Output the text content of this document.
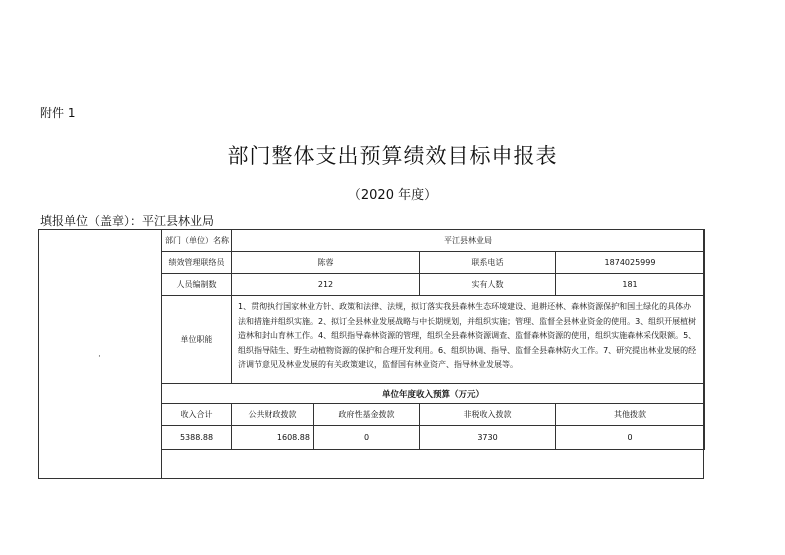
附件 1
部门整体支出预算绩效目标申报表
（2020 年度）
填报单位（盖章）：平江县林业局
·
部门（单位）名称	平江县林业局			
绩效管理联络员	陈蓉		联系电话	1874025999
人员编制数	212		实有人数	181
单位职能	1、贯彻执行国家林业方针、政策和法律、法规，拟订落实我县森林生态环境建设、退耕还林、森林资源保护和国土绿化的具体办法和措施并组织实施。2、拟订全县林业发展战略与中长期规划，并组织实施；管理、监督全县林业资金的使用。3、组织开展植树造林和封山育林工作。4、组织指导森林资源的管理，组织全县森林资源调查、监督森林资源的使用，组织实施森林采伐限额。5、组织指导陆生、野生动植物资源的保护和合理开发利用。6、组织协调、指导、监督全县森林防火工作。7、研究提出林业发展的经济调节意见及林业发展的有关政策建议，监督国有林业资产、指导林业发展等。			
单位年度收入预算（万元）				
收入合计	公共财政拨款	政府性基金拨款	非税收入拨款	其他拨款
5388.88	1608.88	0	3730	0
